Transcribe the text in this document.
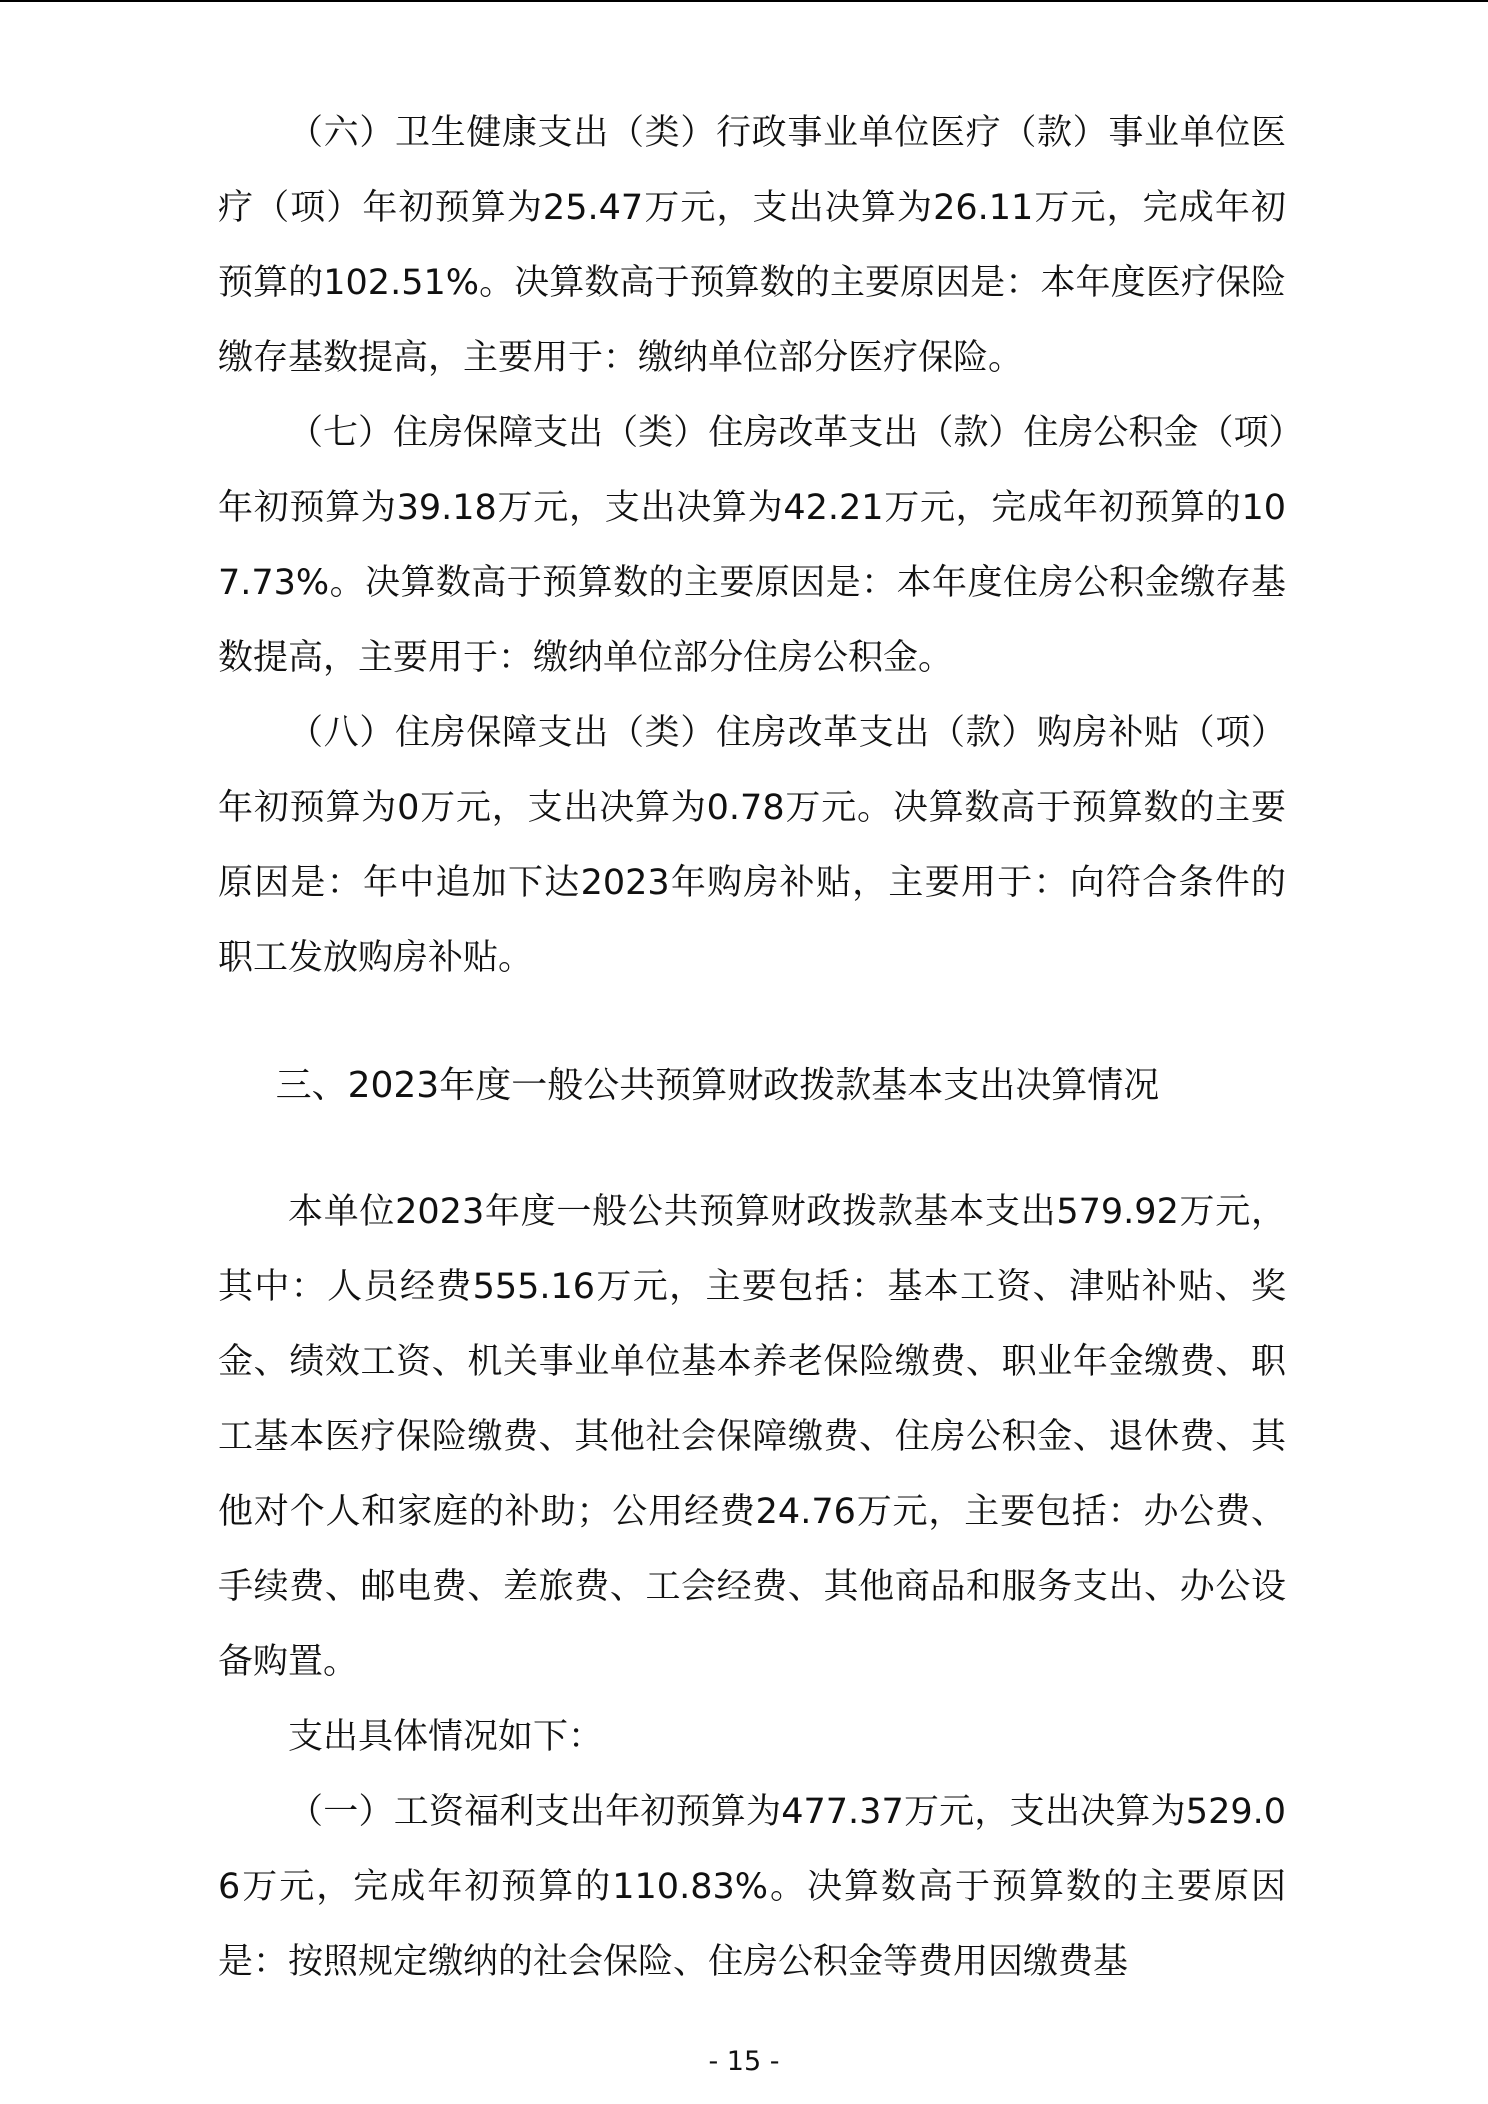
（六）卫生健康支出（类）行政事业单位医疗（款）事业单位医疗（项）年初预算为25.47万元，支出决算为26.11万元，完成年初预算的102.51%。决算数高于预算数的主要原因是：本年度医疗保险缴存基数提高，主要用于：缴纳单位部分医疗保险。

（七）住房保障支出（类）住房改革支出（款）住房公积金（项）年初预算为39.18万元，支出决算为42.21万元，完成年初预算的107.73%。决算数高于预算数的主要原因是：本年度住房公积金缴存基数提高，主要用于：缴纳单位部分住房公积金。

（八）住房保障支出（类）住房改革支出（款）购房补贴（项）年初预算为0万元，支出决算为0.78万元。决算数高于预算数的主要原因是：年中追加下达2023年购房补贴，主要用于：向符合条件的职工发放购房补贴。

三、2023年度一般公共预算财政拨款基本支出决算情况

本单位2023年度一般公共预算财政拨款基本支出579.92万元，其中：人员经费555.16万元，主要包括：基本工资、津贴补贴、奖金、绩效工资、机关事业单位基本养老保险缴费、职业年金缴费、职工基本医疗保险缴费、其他社会保障缴费、住房公积金、退休费、其他对个人和家庭的补助；公用经费24.76万元，主要包括：办公费、手续费、邮电费、差旅费、工会经费、其他商品和服务支出、办公设备购置。

支出具体情况如下：

（一）工资福利支出年初预算为477.37万元，支出决算为529.06万元，完成年初预算的110.83%。决算数高于预算数的主要原因是：按照规定缴纳的社会保险、住房公积金等费用因缴费基

- 15 -
